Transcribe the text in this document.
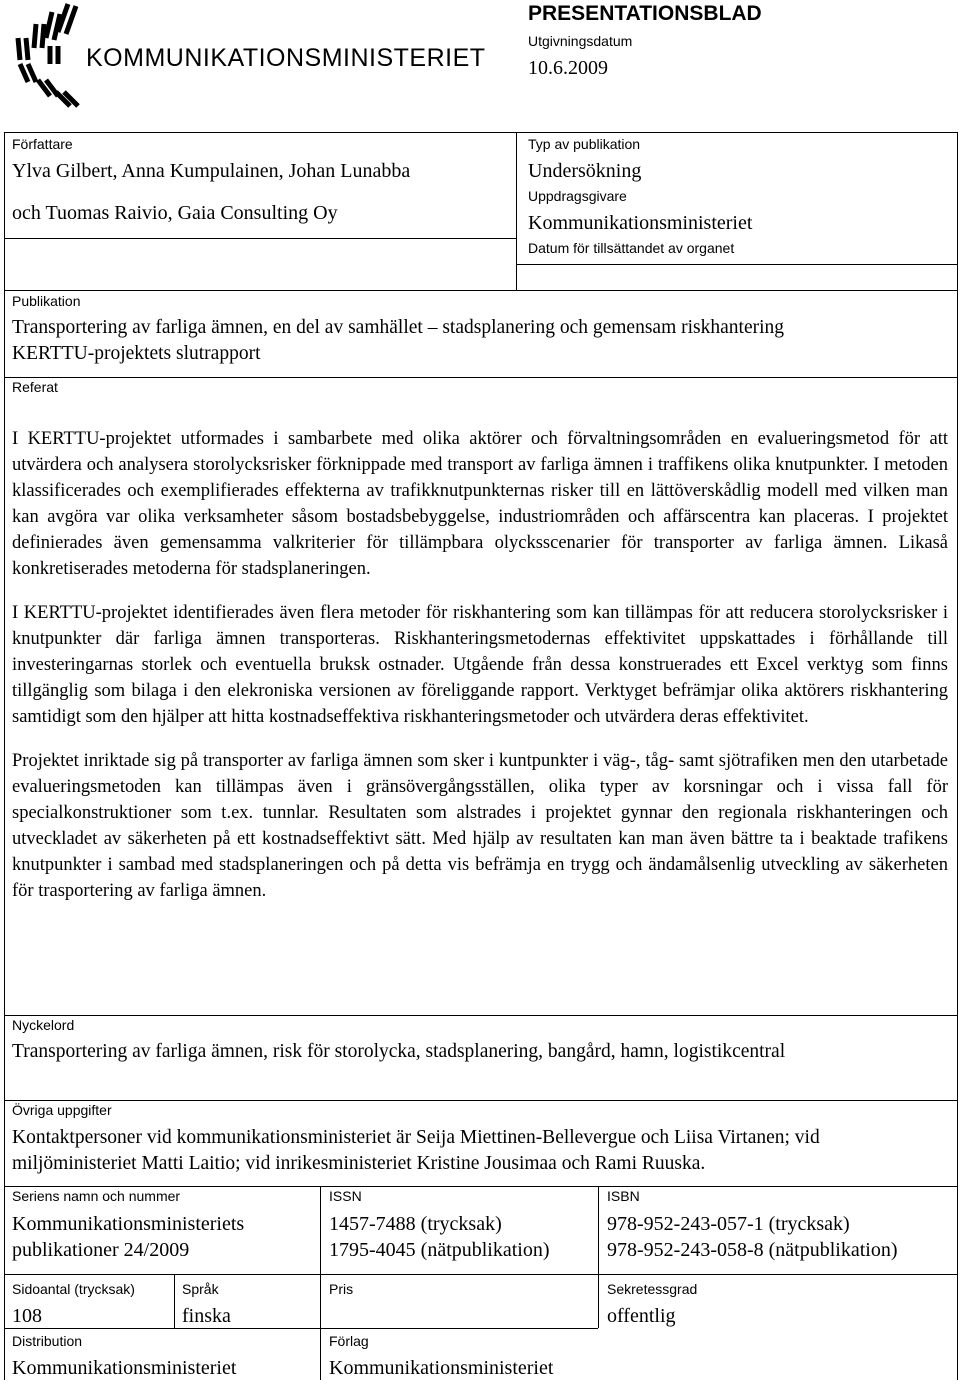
KOMMUNIKATIONSMINISTERIET
PRESENTATIONSBLAD
Utgivningsdatum
10.6.2009
Författare
Ylva Gilbert, Anna Kumpulainen, Johan Lunabba
och Tuomas Raivio, Gaia Consulting Oy
Typ av publikation
Undersökning
Uppdragsgivare
Kommunikationsministeriet
Datum för tillsättandet av organet
Publikation
Transportering av farliga ämnen, en del av samhället – stadsplanering och gemensam riskhantering
KERTTU-projektets slutrapport
Referat

I KERTTU-projektet utformades i sambarbete med olika aktörer och förvaltningsområden en evalueringsmetod för att utvärdera och analysera storolycksrisker förknippade med transport av farliga ämnen i traffikens olika knutpunkter. I metoden klassificerades och exemplifierades effekterna av trafikknutpunkternas risker till en lättöverskådlig modell med vilken man kan avgöra var olika verksamheter såsom bostadsbebyggelse, industriområden och affärscentra kan placeras. I projektet definierades även gemensamma valkriterier för tillämpbara olycksscenarier för transporter av farliga ämnen. Likaså konkretiserades metoderna för stadsplaneringen.

I KERTTU-projektet identifierades även flera metoder för riskhantering som kan tillämpas för att reducera storolycksrisker i knutpunkter där farliga ämnen transporteras. Riskhanteringsmetodernas effektivitet uppskattades i förhållande till investeringarnas storlek och eventuella bruksk ostnader. Utgående från dessa konstruerades ett Excel verktyg som finns tillgänglig som bilaga i den elekroniska versionen av föreliggande rapport. Verktyget befrämjar olika aktörers riskhantering samtidigt som den hjälper att hitta kostnadseffektiva riskhanteringsmetoder och utvärdera deras effektivitet.

Projektet inriktade sig på transporter av farliga ämnen som sker i kuntpunkter i väg-, tåg- samt sjötrafiken men den utarbetade evalueringsmetoden kan tillämpas även i gränsövergångsställen, olika typer av korsningar och i vissa fall för specialkonstruktioner som t.ex. tunnlar. Resultaten som alstrades i projektet gynnar den regionala riskhanteringen och utveckladet av säkerheten på ett kostnadseffektivt sätt. Med hjälp av resultaten kan man även bättre ta i beaktade trafikens knutpunkter i sambad med stadsplaneringen och på detta vis befrämja en trygg och ändamålsenlig utveckling av säkerheten för trasportering av farliga ämnen.

Nyckelord
Transportering av farliga ämnen, risk för storolycka, stadsplanering, bangård, hamn, logistikcentral
Övriga uppgifter
Kontaktpersoner vid kommunikationsministeriet är Seija Miettinen-Bellevergue och Liisa Virtanen; vid
miljöministeriet Matti Laitio; vid inrikesministeriet Kristine Jousimaa och Rami Ruuska.
Seriens namn och nummer
Kommunikationsministeriets
publikationer 24/2009
ISSN
1457-7488 (trycksak)
1795-4045 (nätpublikation)
ISBN
978-952-243-057-1 (trycksak)
978-952-243-058-8 (nätpublikation)
Sidoantal (trycksak)
108
Språk
finska
Pris	Sekretessgrad
offentlig
Distribution
Kommunikationsministeriet
Förlag
Kommunikationsministeriet
